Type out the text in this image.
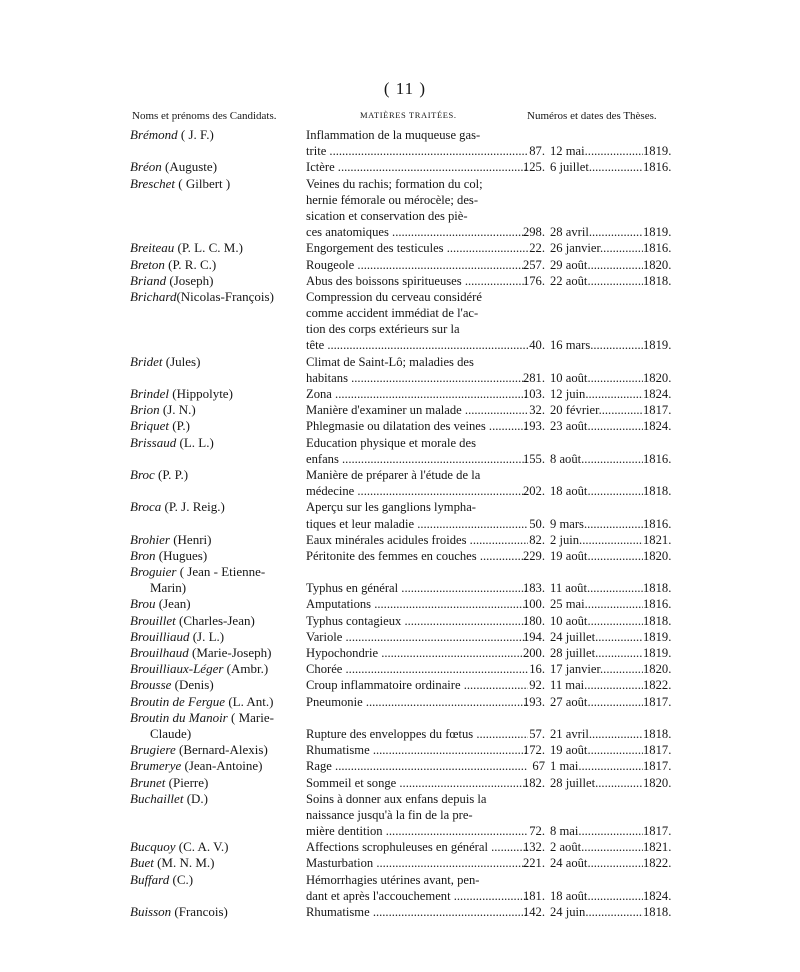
( 11 )
Noms et prénoms des Candidats.	MATIÈRES TRAITÉES.	Numéros et dates des Thèses.
Brémond ( J. F.)	Inflammation de la muqueuse gas-
trite .....	87. 12 mai .....	1819.
Bréon (Auguste)	Ictère .....	125. 6 juillet .....	1816.
Breschet ( Gilbert )	Veines du rachis; formation du col;
hernie fémorale ou mérocèle; des-
sication et conservation des piè-
ces anatomiques .....	298. 28 avril .....	1819.
Breiteau (P. L. C. M.)	Engorgement des testicules .....	22. 26 janvier .....	1816.
Breton (P. R. C.)	Rougeole .....	257. 29 août .....	1820.
Briand (Joseph)	Abus des boissons spiritueuses .....	176. 22 août .....	1818.
Brichard(Nicolas-François)	Compression du cerveau considéré
comme accident immédiat de l'ac-
tion des corps extérieurs sur la
tête .....	40. 16 mars .....	1819.
Bridet (Jules)	Climat de Saint-Lô; maladies des
habitans .....	281. 10 août .....	1820.
Brindel (Hippolyte)	Zona .....	103. 12 juin .....	1824.
Brion (J. N.)	Manière d'examiner un malade .....	32. 20 février .....	1817.
Briquet (P.)	Phlegmasie ou dilatation des veines .....	193. 23 août .....	1824.
Brissaud (L. L.)	Education physique et morale des
enfans .....	155. 8 août .....	1816.
Broc (P. P.)	Manière de préparer à l'étude de la
médecine .....	202. 18 août .....	1818.
Broca (P. J. Reig.)	Aperçu sur les ganglions lympha-
tiques et leur maladie .....	50. 9 mars .....	1816.
Brohier (Henri)	Eaux minérales acidules froides .....	82. 2 juin .....	1821.
Bron (Hugues)	Péritonite des femmes en couches .....	229. 19 août .....	1820.
Broguier ( Jean - Etienne-
Marin)	Typhus en général .....	183. 11 août .....	1818.
Brou (Jean)	Amputations .....	100. 25 mai .....	1816.
Brouillet (Charles-Jean)	Typhus contagieux .....	180. 10 août .....	1818.
Brouilliaud (J. L.)	Variole .....	194. 24 juillet .....	1819.
Brouilhaud (Marie-Joseph)	Hypochondrie .....	200. 28 juillet .....	1819.
Brouilliaux-Léger (Ambr.)	Chorée .....	16. 17 janvier .....	1820.
Brousse (Denis)	Croup inflammatoire ordinaire .....	92. 11 mai .....	1822.
Broutin de Fergue (L. Ant.)	Pneumonie .....	193. 27 août .....	1817.
Broutin du Manoir ( Marie-
Claude)	Rupture des enveloppes du fœtus .....	57. 21 avril .....	1818.
Brugiere (Bernard-Alexis)	Rhumatisme .....	172. 19 août .....	1817.
Brumerye (Jean-Antoine)	Rage .....	67 1 mai .....	1817.
Brunet (Pierre)	Sommeil et songe .....	182. 28 juillet .....	1820.
Buchaillet (D.)	Soins à donner aux enfans depuis la
naissance jusqu'à la fin de la pre-
mière dentition .....	72. 8 mai .....	1817.
Bucquoy (C. A. V.)	Affections scrophuleuses en général .....	132. 2 août .....	1821.
Buet (M. N. M.)	Masturbation .....	221. 24 août .....	1822.
Buffard (C.)	Hémorrhagies utérines avant, pen-
dant et après l'accouchement .....	181. 18 août .....	1824.
Buisson (Francois)	Rhumatisme .....	142. 24 juin .....	1818.
